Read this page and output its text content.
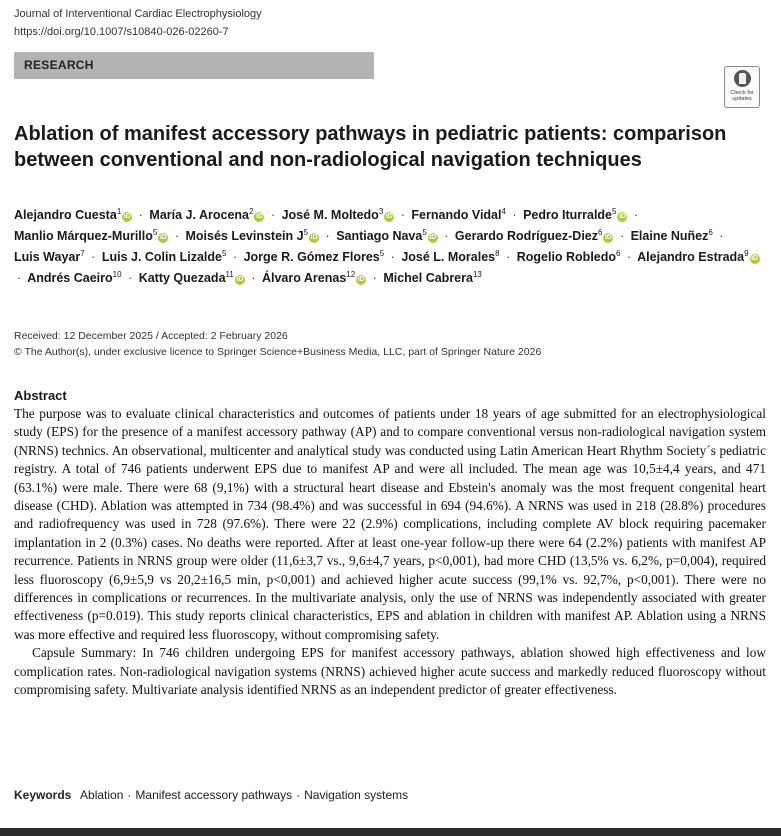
Journal of Interventional Cardiac Electrophysiology
https://doi.org/10.1007/s10840-026-02260-7
RESEARCH
Check for updates
Ablation of manifest accessory pathways in pediatric patients: comparison between conventional and non-radiological navigation techniques
Alejandro Cuesta$^1$iD · María J. Arocena$^2$iD · José M. Moltedo$^3$iD · Fernando Vidal$^4$ · Pedro Iturralde$^5$iD · Manlio Márquez-Murillo$^5$iD · Moisés Levinstein $J^5iD$ · Santiago Nava$^5$iD · Gerardo Rodríguez-Diez$^6$iD · Elaine Nuñez$^6$ · Luis Wayar$^7$ · Luis J. Colin Lizalde$^5$ · Jorge R. Gómez Flores$^5$ · José L. Morales$^8$ · Rogelio Robledo$^6$ · Alejandro Estrada$^9$iD · Andrés Caeiro$^{10}$ · Katty Quezada$^{11}$iD · Álvaro Arenas$^{12}$iD · Michel Cabrera$^{13}$
Received: 12 December 2025 / Accepted: 2 February 2026
© The Author(s), under exclusive licence to Springer Science+Business Media, LLC, part of Springer Nature 2026
Abstract

The purpose was to evaluate clinical characteristics and outcomes of patients under 18 years of age submitted for an electrophysiological study (EPS) for the presence of a manifest accessory pathway (AP) and to compare conventional versus non-radiological navigation system (NRNS) technics. An observational, multicenter and analytical study was conducted using Latin American Heart Rhythm Society´s pediatric registry. A total of 746 patients underwent EPS due to manifest AP and were all included. The mean age was 10,5±4,4 years, and 471 (63.1%) were male. There were 68 (9,1%) with a structural heart disease and Ebstein's anomaly was the most frequent congenital heart disease (CHD). Ablation was attempted in 734 (98.4%) and was successful in 694 (94.6%). A NRNS was used in 218 (28.8%) procedures and radiofrequency was used in 728 (97.6%). There were 22 (2.9%) complications, including complete AV block requiring pacemaker implantation in 2 (0.3%) cases. No deaths were reported. After at least one-year follow-up there were 64 (2.2%) patients with manifest AP recurrence. Patients in NRNS group were older (11,6±3,7 vs., 9,6±4,7 years, p<0,001), had more CHD (13,5% vs. 6,2%, p=0,004), required less fluoroscopy (6,9±5,9 vs 20,2±16,5 min, p<0,001) and achieved higher acute success (99,1% vs. 92,7%, p<0,001). There were no differences in complications or recurrences. In the multivariate analysis, only the use of NRNS was independently associated with greater effectiveness (p=0.019). This study reports clinical characteristics, EPS and ablation in children with manifest AP. Ablation using a NRNS was more effective and required less fluoroscopy, without compromising safety.

Capsule Summary: In 746 children undergoing EPS for manifest accessory pathways, ablation showed high effectiveness and low complication rates. Non-radiological navigation systems (NRNS) achieved higher acute success and markedly reduced fluoroscopy without compromising safety. Multivariate analysis identified NRNS as an independent predictor of greater effectiveness.

Keywords Ablation · Manifest accessory pathways · Navigation systems
